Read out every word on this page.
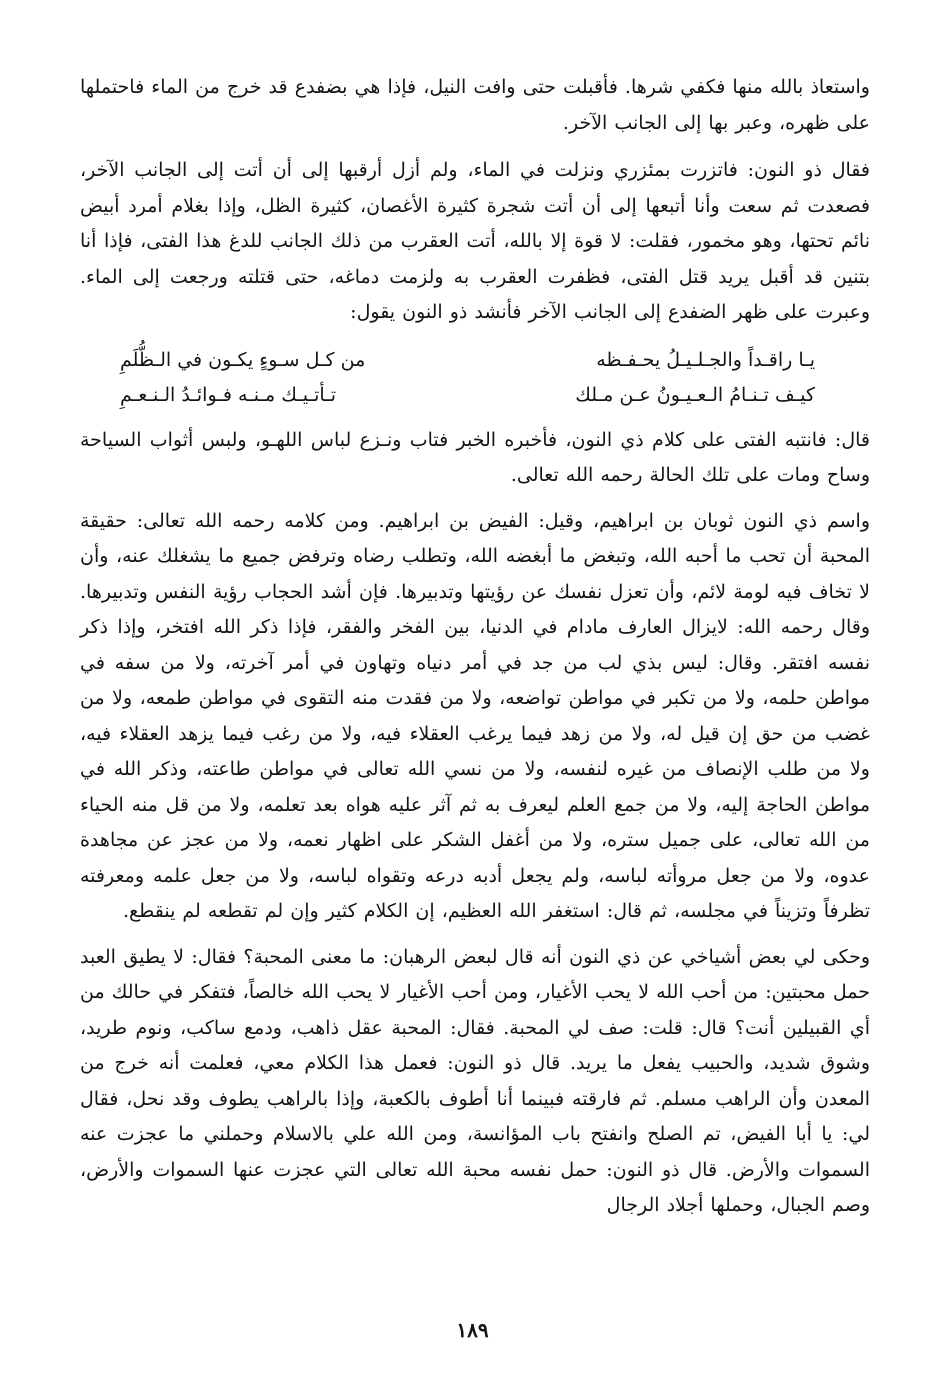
واستعاذ بالله منها فكفي شرها. فأقبلت حتى وافت النيل، فإذا هي بضفدع قد خرج من الماء فاحتملها على ظهره، وعبر بها إلى الجانب الآخر.

فقال ذو النون: فاتزرت بمئزري ونزلت في الماء، ولم أزل أرقبها إلى أن أتت إلى الجانب الآخر، فصعدت ثم سعت وأنا أتبعها إلى أن أتت شجرة كثيرة الأغصان، كثيرة الظل، وإذا بغلام أمرد أبيض نائم تحتها، وهو مخمور، فقلت: لا قوة إلا بالله، أتت العقرب من ذلك الجانب للدغ هذا الفتى، فإذا أنا بتنين قد أقبل يريد قتل الفتى، فظفرت العقرب به ولزمت دماغه، حتى قتلته ورجعت إلى الماء. وعبرت على ظهر الضفدع إلى الجانب الآخر فأنشد ذو النون يقول:

يـا راقـداً والجـلـيـلُ يحـفـظه
من كـل سـوءٍ يكـون في الـظُّلَمِ
كيـف تـنـامُ الـعـيـونُ عـن مـلك
تـأتـيـك مـنـه فـوائـدُ الـنـعـمِ

قال: فانتبه الفتى على كلام ذي النون، فأخبره الخبر فتاب ونـزع لباس اللهـو، ولبس أثواب السياحة وساح ومات على تلك الحالة رحمه الله تعالى.

واسم ذي النون ثوبان بن ابراهيم، وقيل: الفيض بن ابراهيم. ومن كلامه رحمه الله تعالى: حقيقة المحبة أن تحب ما أحبه الله، وتبغض ما أبغضه الله، وتطلب رضاه وترفض جميع ما يشغلك عنه، وأن لا تخاف فيه لومة لائم، وأن تعزل نفسك عن رؤيتها وتدبيرها. فإن أشد الحجاب رؤية النفس وتدبيرها. وقال رحمه الله: لايزال العارف مادام في الدنيا، بين الفخر والفقر، فإذا ذكر الله افتخر، وإذا ذكر نفسه افتقر. وقال: ليس بذي لب من جد في أمر دنياه وتهاون في أمر آخرته، ولا من سفه في مواطن حلمه، ولا من تكبر في مواطن تواضعه، ولا من فقدت منه التقوى في مواطن طمعه، ولا من غضب من حق إن قيل له، ولا من زهد فيما يرغب العقلاء فيه، ولا من رغب فيما يزهد العقلاء فيه، ولا من طلب الإنصاف من غيره لنفسه، ولا من نسي الله تعالى في مواطن طاعته، وذكر الله في مواطن الحاجة إليه، ولا من جمع العلم ليعرف به ثم آثر عليه هواه بعد تعلمه، ولا من قل منه الحياء من الله تعالى، على جميل ستره، ولا من أغفل الشكر على اظهار نعمه، ولا من عجز عن مجاهدة عدوه، ولا من جعل مروأته لباسه، ولم يجعل أدبه درعه وتقواه لباسه، ولا من جعل علمه ومعرفته تظرفاً وتزيناً في مجلسه، ثم قال: استغفر الله العظيم، إن الكلام كثير وإن لم تقطعه لم ينقطع.

وحكى لي بعض أشياخي عن ذي النون أنه قال لبعض الرهبان: ما معنى المحبة؟ فقال: لا يطيق العبد حمل محبتين: من أحب الله لا يحب الأغيار، ومن أحب الأغيار لا يحب الله خالصاً، فتفكر في حالك من أي القبيلين أنت؟ قال: قلت: صف لي المحبة. فقال: المحبة عقل ذاهب، ودمع ساكب، ونوم طريد، وشوق شديد، والحبيب يفعل ما يريد. قال ذو النون: فعمل هذا الكلام معي، فعلمت أنه خرج من المعدن وأن الراهب مسلم. ثم فارقته فبينما أنا أطوف بالكعبة، وإذا بالراهب يطوف وقد نحل، فقال لي: يا أبا الفيض، تم الصلح وانفتح باب المؤانسة، ومن الله علي بالاسلام وحملني ما عجزت عنه السموات والأرض. قال ذو النون: حمل نفسه محبة الله تعالى التي عجزت عنها السموات والأرض، وصم الجبال، وحملها أجلاد الرجال

١٨٩
